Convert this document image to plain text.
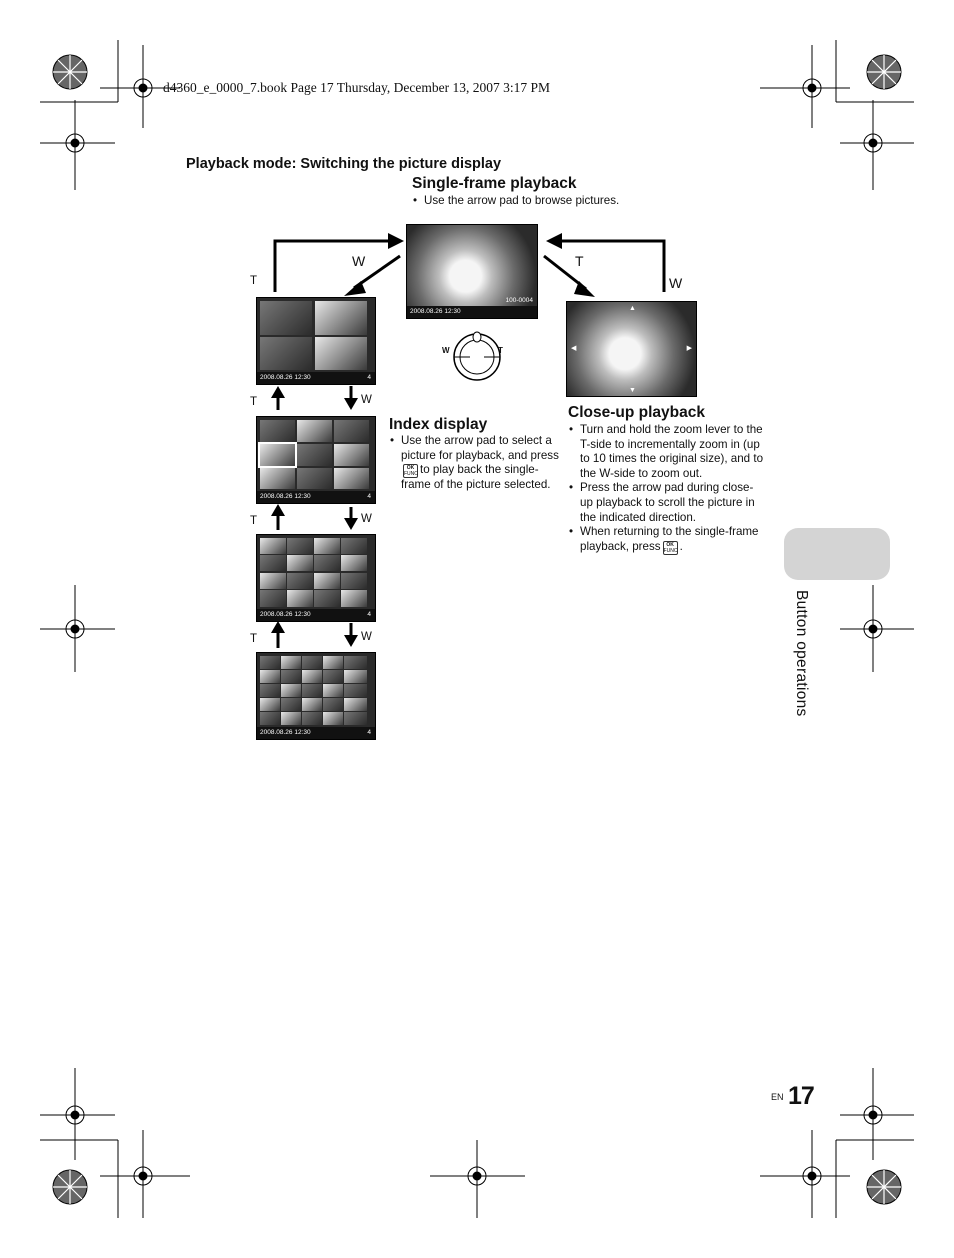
d4360_e_0000_7.book Page 17 Thursday, December 13, 2007 3:17 PM
Playback mode: Switching the picture display
Single-frame playback
• Use the arrow pad to browse pictures.
100-0004
2008.08.26 12:30
W	T
W
T
T	W
T	W
T	W
W	T
▲
▼
◀	▶
2008.08.26 12:30	4
2008.08.26 12:30	4
2008.08.26 12:30	4
2008.08.26 12:30	4
Index display
• Use the arrow pad to select a picture for playback, and press
OK
FUNC to play back the single-frame of the picture selected.
Close-up playback
• Turn and hold the zoom lever to the T-side to incrementally zoom in (up to 10 times the original size), and to the W-side to zoom out.
• Press the arrow pad during close-up playback to scroll the picture in the indicated direction.
• When returning to the single-frame playback, press	OK
FUNC .
Button operations
$^{EN}$ 17
